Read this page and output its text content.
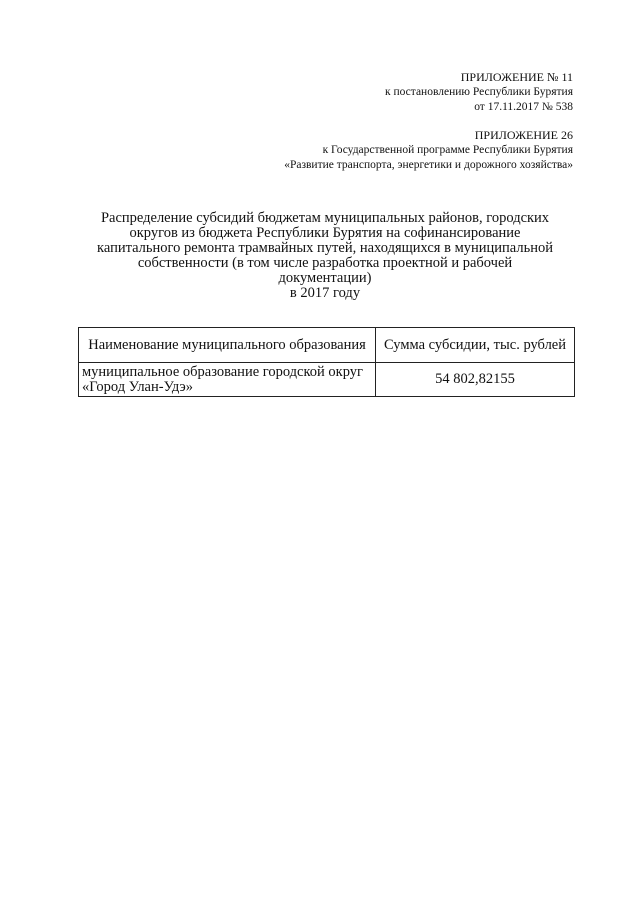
ПРИЛОЖЕНИЕ № 11
к постановлению Республики Бурятия
от 17.11.2017 № 538
ПРИЛОЖЕНИЕ 26
к Государственной программе Республики Бурятия
«Развитие транспорта, энергетики и дорожного хозяйства»
Распределение субсидий бюджетам муниципальных районов, городских
округов из бюджета Республики Бурятия на софинансирование
капитального ремонта трамвайных путей, находящихся в муниципальной
собственности (в том числе разработка проектной и рабочей
документации)
в 2017 году
Наименование муниципального образования	Сумма субсидии, тыс. рублей
муниципальное образование городской округ «Город Улан-Удэ»	54 802,82155
